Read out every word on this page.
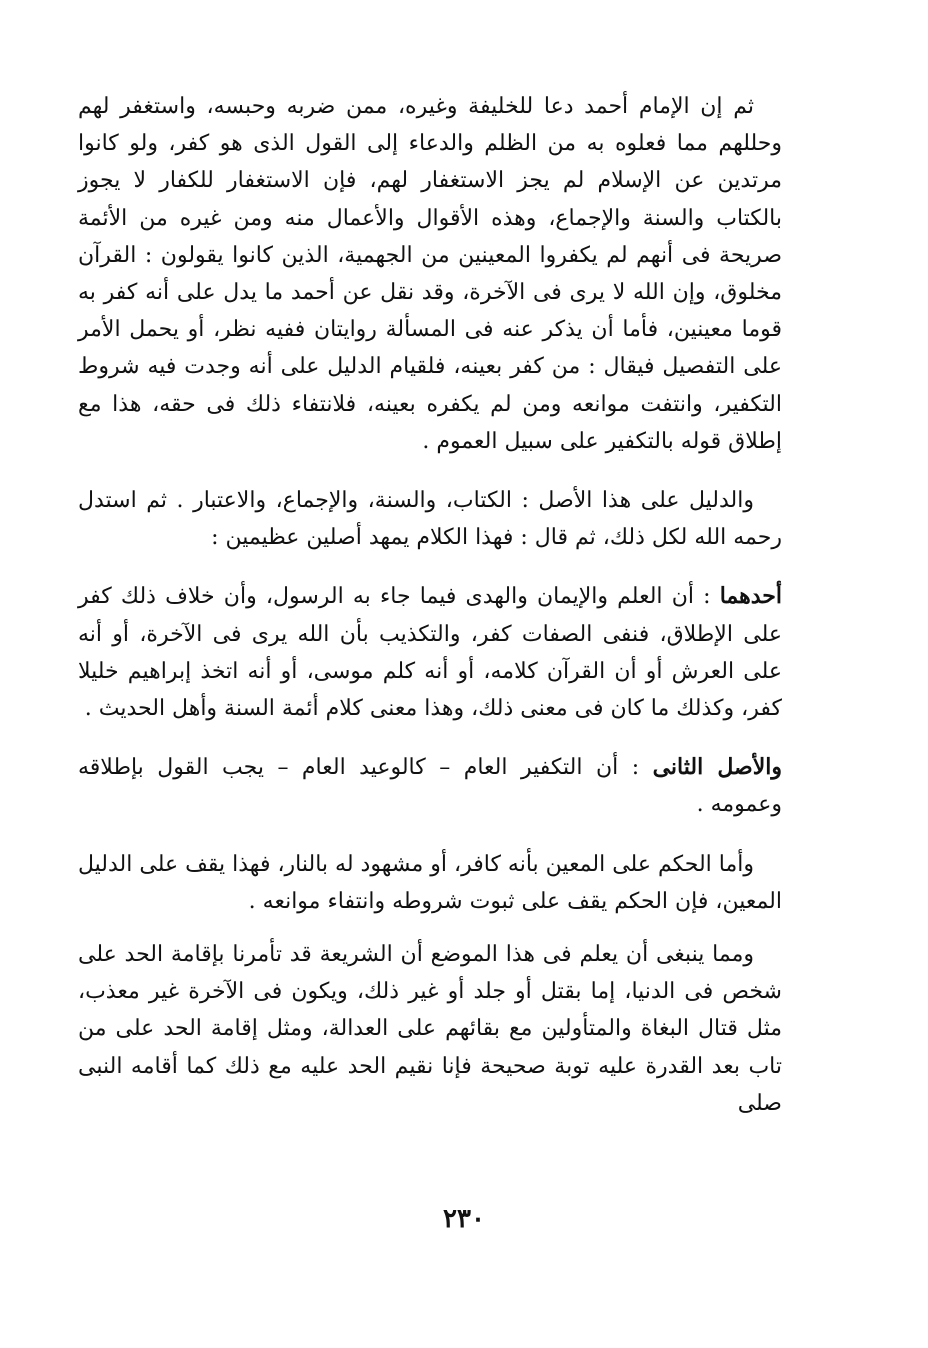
ثم إن الإمام أحمد دعا للخليفة وغيره، ممن ضربه وحبسه، واستغفر لهم وحللهم مما فعلوه به من الظلم والدعاء إلى القول الذى هو كفر، ولو كانوا مرتدين عن الإسلام لم يجز الاستغفار لهم، فإن الاستغفار للكفار لا يجوز بالكتاب والسنة والإجماع، وهذه الأقوال والأعمال منه ومن غيره من الأئمة صريحة فى أنهم لم يكفروا المعينين من الجهمية، الذين كانوا يقولون : القرآن مخلوق، وإن الله لا يرى فى الآخرة، وقد نقل عن أحمد ما يدل على أنه كفر به قوما معينين، فأما أن يذكر عنه فى المسألة روايتان ففيه نظر، أو يحمل الأمر على التفصيل فيقال : من كفر بعينه، فلقيام الدليل على أنه وجدت فيه شروط التكفير، وانتفت موانعه ومن لم يكفره بعينه، فلانتفاء ذلك فى حقه، هذا مع إطلاق قوله بالتكفير على سبيل العموم .

والدليل على هذا الأصل : الكتاب، والسنة، والإجماع، والاعتبار . ثم استدل رحمه الله لكل ذلك، ثم قال : فهذا الكلام يمهد أصلين عظيمين :

أحدهما : أن العلم والإيمان والهدى فيما جاء به الرسول، وأن خلاف ذلك كفر على الإطلاق، فنفى الصفات كفر، والتكذيب بأن الله يرى فى الآخرة، أو أنه على العرش أو أن القرآن كلامه، أو أنه كلم موسى، أو أنه اتخذ إبراهيم خليلا كفر، وكذلك ما كان فى معنى ذلك، وهذا معنى كلام أئمة السنة وأهل الحديث .

والأصل الثانى : أن التكفير العام – كالوعيد العام – يجب القول بإطلاقه وعمومه .

وأما الحكم على المعين بأنه كافر، أو مشهود له بالنار، فهذا يقف على الدليل المعين، فإن الحكم يقف على ثبوت شروطه وانتفاء موانعه .

ومما ينبغى أن يعلم فى هذا الموضع أن الشريعة قد تأمرنا بإقامة الحد على شخص فى الدنيا، إما بقتل أو جلد أو غير ذلك، ويكون فى الآخرة غير معذب، مثل قتال البغاة والمتأولين مع بقائهم على العدالة، ومثل إقامة الحد على من تاب بعد القدرة عليه توبة صحيحة فإنا نقيم الحد عليه مع ذلك كما أقامه النبى صلى

٢٣٠
